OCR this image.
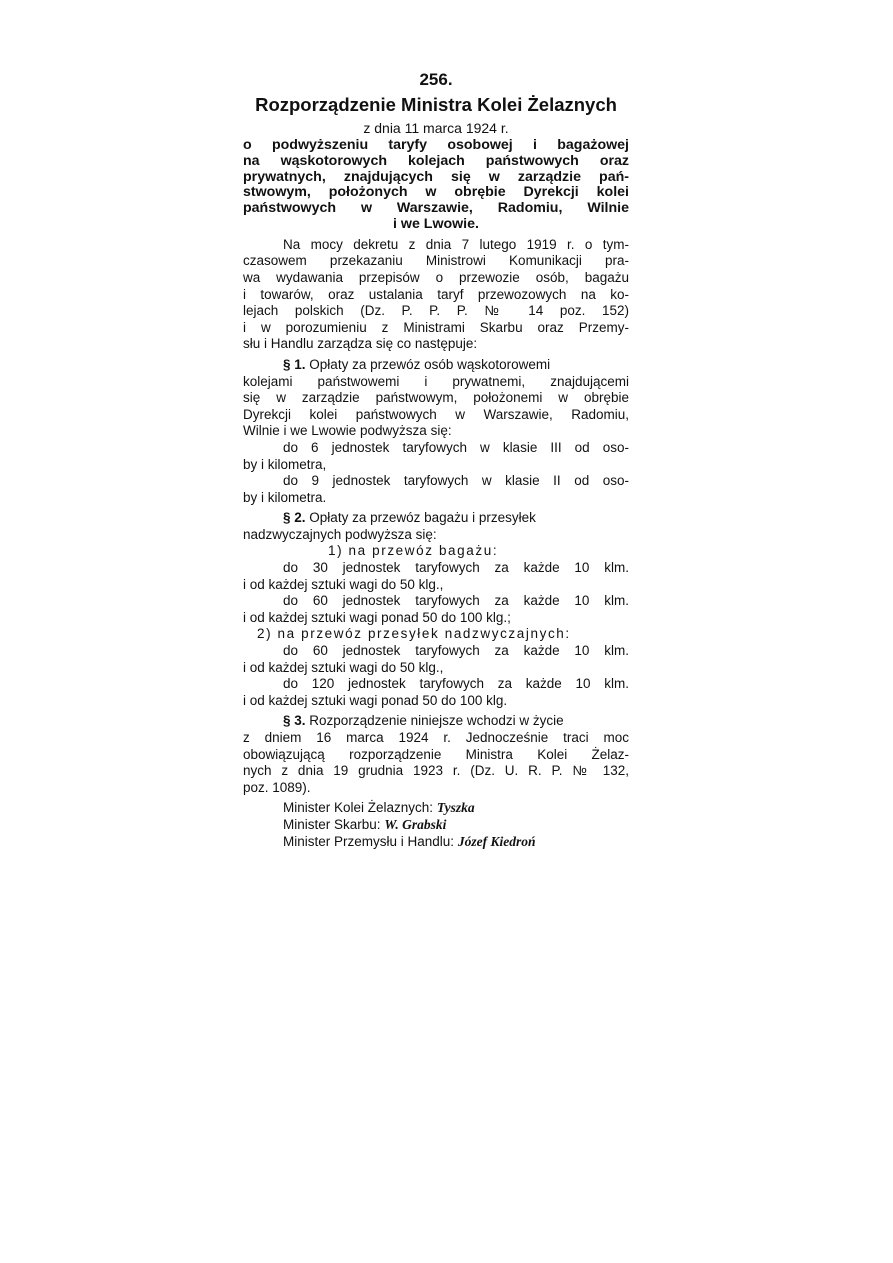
256.
Rozporządzenie Ministra Kolei Żelaznych
z dnia 11 marca 1924 r.
o podwyższeniu taryfy osobowej i bagażowej
na wąskotorowych kolejach państwowych oraz
prywatnych, znajdujących się w zarządzie pań-
stwowym, położonych w obrębie Dyrekcji kolei
państwowych w Warszawie, Radomiu, Wilnie
i we Lwowie.
Na mocy dekretu z dnia 7 lutego 1919 r. o tym-
czasowem przekazaniu Ministrowi Komunikacji pra-
wa wydawania przepisów o przewozie osób, bagażu
i towarów, oraz ustalania taryf przewozowych na ko-
lejach polskich (Dz. P. P. P. № 14 poz. 152)
i w porozumieniu z Ministrami Skarbu oraz Przemy-
słu i Handlu zarządza się co następuje:
§ 1. Opłaty za przewóz osób wąskotorowemi
kolejami państwowemi i prywatnemi, znajdującemi
się w zarządzie państwowym, położonemi w obrębie
Dyrekcji kolei państwowych w Warszawie, Radomiu,
Wilnie i we Lwowie podwyższa się:
do 6 jednostek taryfowych w klasie III od oso-
by i kilometra,
do 9 jednostek taryfowych w klasie II od oso-
by i kilometra.
§ 2. Opłaty za przewóz bagażu i przesyłek
nadzwyczajnych podwyższa się:
1) na przewóz bagażu:
do 30 jednostek taryfowych za każde 10 klm.
i od każdej sztuki wagi do 50 klg.,
do 60 jednostek taryfowych za każde 10 klm.
i od każdej sztuki wagi ponad 50 do 100 klg.;
2) na przewóz przesyłek nadzwyczajnych:
do 60 jednostek taryfowych za każde 10 klm.
i od każdej sztuki wagi do 50 klg.,
do 120 jednostek taryfowych za każde 10 klm.
i od każdej sztuki wagi ponad 50 do 100 klg.
§ 3. Rozporządzenie niniejsze wchodzi w życie
z dniem 16 marca 1924 r. Jednocześnie traci moc
obowiązującą rozporządzenie Ministra Kolei Żelaz-
nych z dnia 19 grudnia 1923 r. (Dz. U. R. P. № 132,
poz. 1089).
Minister Kolei Żelaznych: Tyszka
Minister Skarbu: W. Grabski
Minister Przemysłu i Handlu: Józef Kiedroń
